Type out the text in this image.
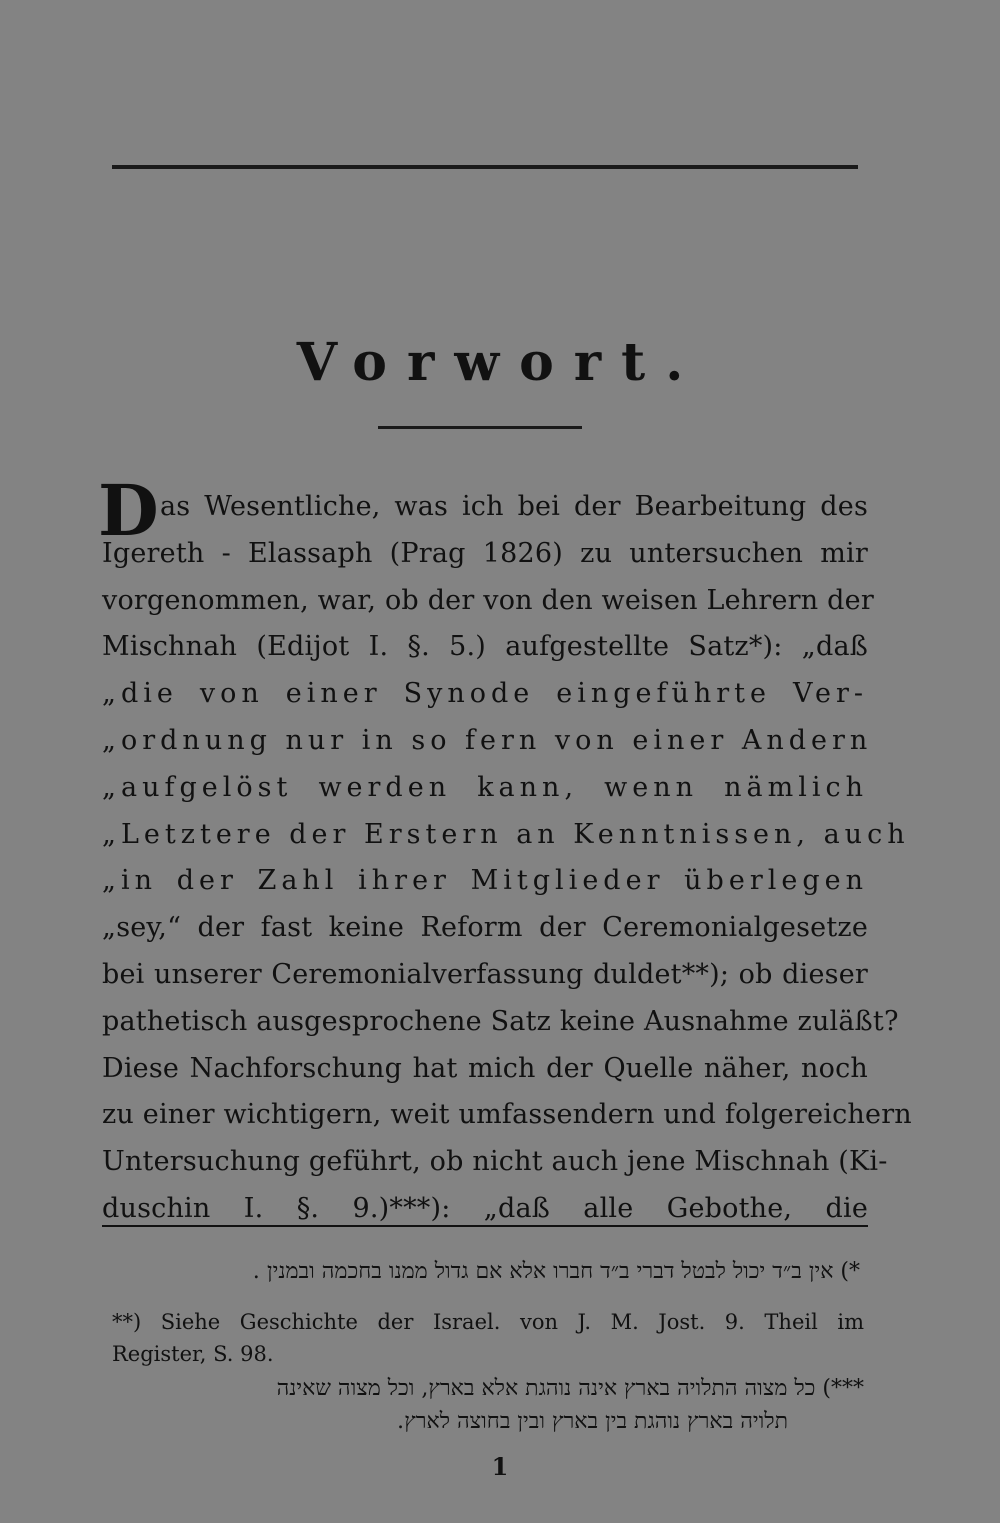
Vorwort.
D as Wesentliche, was ich bei der Bearbeitung des
Igereth - Elassaph (Prag 1826) zu untersuchen mir
vorgenommen, war, ob der von den weisen Lehrern der
Mischnah (Edijot I. §. 5.) aufgestellte Satz*): „daß
„die von einer Synode eingeführte Ver-
„ordnung nur in so fern von einer Andern
„aufgelöst werden kann, wenn nämlich
„Letztere der Erstern an Kenntnissen, auch
„in der Zahl ihrer Mitglieder überlegen
„sey,“ der fast keine Reform der Ceremonialgesetze
bei unserer Ceremonialverfassung duldet**); ob dieser
pathetisch ausgesprochene Satz keine Ausnahme zuläßt?
Diese Nachforschung hat mich der Quelle näher, noch
zu einer wichtigern, weit umfassendern und folgereichern
Untersuchung geführt, ob nicht auch jene Mischnah (Ki-
duschin I. §. 9.)***): „daß alle Gebothe, die
*) אין ב״ד יכול לבטל דברי ב״ד חברו אלא אם גדול ממנו בחכמה ובמנין ․
**) Siehe Geschichte der Israel. von J. M. Jost. 9. Theil im
Register, S. 98.
***) כל מצוה התלויה בארץ אינה נוהגת אלא בארץ, וכל מצוה שאינה
תלויה בארץ נוהגת בין בארץ ובין בחוצה לארץ․
1
